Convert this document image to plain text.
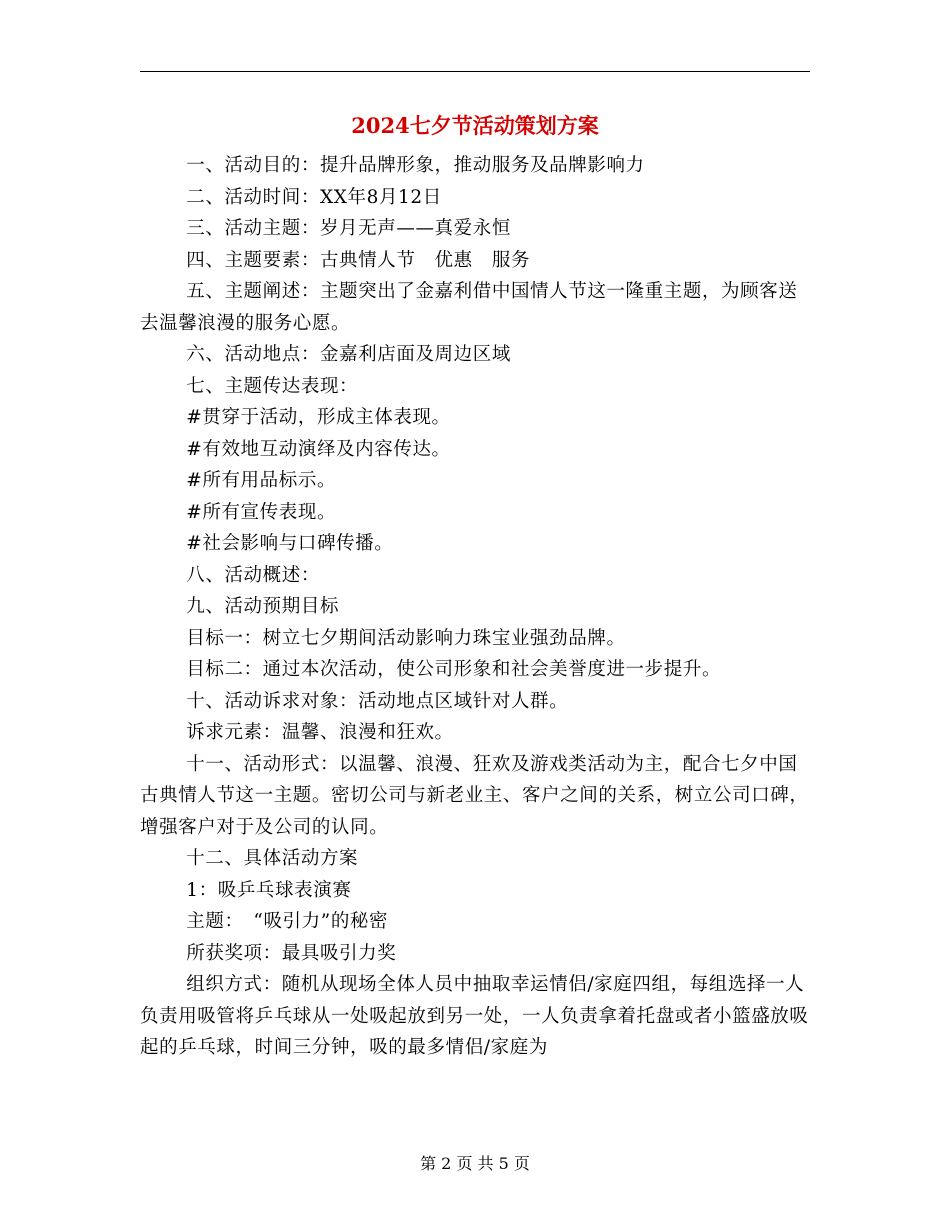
2024七夕节活动策划方案

一、活动目的：提升品牌形象，推动服务及品牌影响力

二、活动时间：XX年8月12日

三、活动主题：岁月无声——真爱永恒

四、主题要素：古典情人节　优惠　服务

五、主题阐述：主题突出了金嘉利借中国情人节这一隆重主题，为顾客送去温馨浪漫的服务心愿。

六、活动地点：金嘉利店面及周边区域

七、主题传达表现：

#贯穿于活动，形成主体表现。

#有效地互动演绎及内容传达。

#所有用品标示。

#所有宣传表现。

#社会影响与口碑传播。

八、活动概述：

九、活动预期目标

目标一：树立七夕期间活动影响力珠宝业强劲品牌。

目标二：通过本次活动，使公司形象和社会美誉度进一步提升。

十、活动诉求对象：活动地点区域针对人群。

诉求元素：温馨、浪漫和狂欢。

十一、活动形式：以温馨、浪漫、狂欢及游戏类活动为主，配合七夕中国古典情人节这一主题。密切公司与新老业主、客户之间的关系，树立公司口碑，增强客户对于及公司的认同。

十二、具体活动方案

1：吸乒乓球表演赛

主题：　“吸引力”的秘密

所获奖项：最具吸引力奖

组织方式：随机从现场全体人员中抽取幸运情侣/家庭四组，每组选择一人负责用吸管将乒乓球从一处吸起放到另一处，一人负责拿着托盘或者小篮盛放吸起的乒乓球，时间三分钟，吸的最多情侣/家庭为

第 2 页 共 5 页
